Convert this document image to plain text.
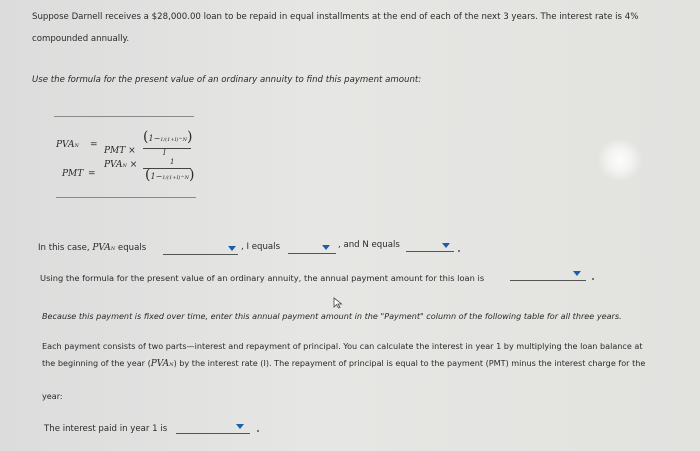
Suppose Darnell receives a $28,000.00 loan to be repaid in equal installments at the end of each of the next 3 years. The interest rate is 4%
compounded annually.
Use the formula for the present value of an ordinary annuity to find this payment amount:
PVAN =
PMT ×
(1−1/(1+I)^N)
I
PMT =
PVAN ×	1
(1−1/(1+I)^N)
In this case, PVAN equals	, I equals	, and N equals
Using the formula for the present value of an ordinary annuity, the annual payment amount for this loan is
Because this payment is fixed over time, enter this annual payment amount in the "Payment" column of the following table for all three years.
Each payment consists of two parts—interest and repayment of principal. You can calculate the interest in year 1 by multiplying the loan balance at
the beginning of the year (PVAN) by the interest rate (I). The repayment of principal is equal to the payment (PMT) minus the interest charge for the
year:
The interest paid in year 1 is
